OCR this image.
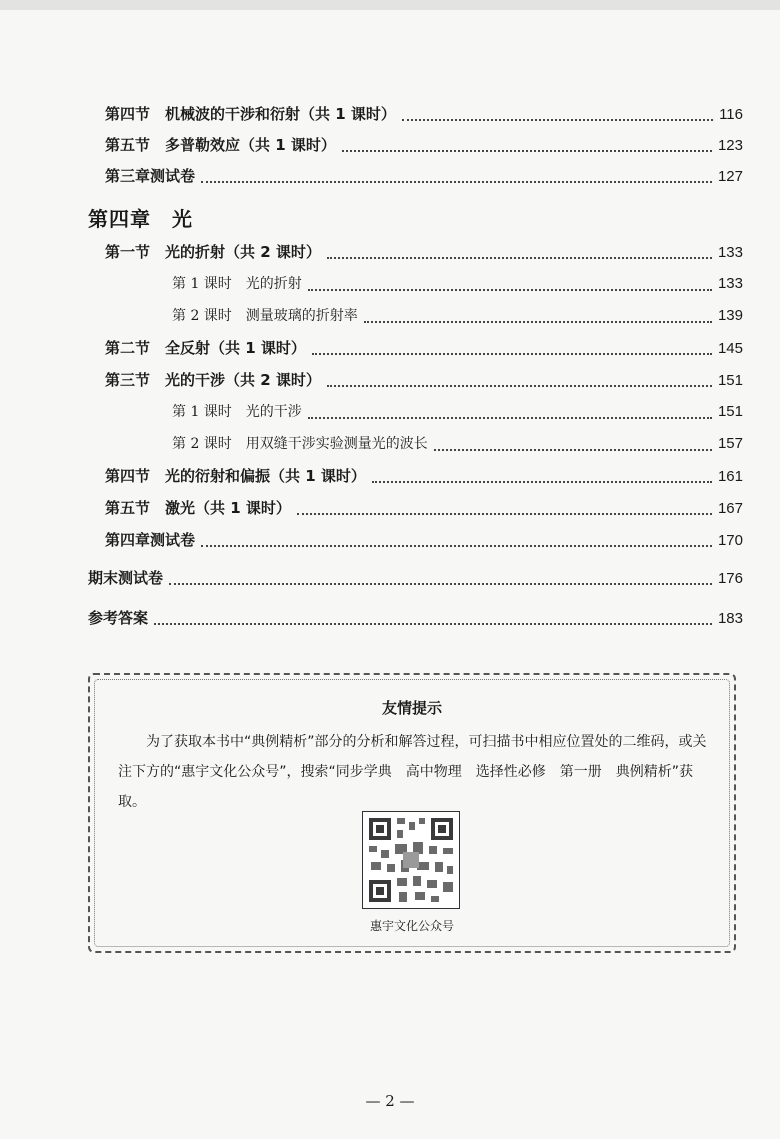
第四节　机械波的干涉和衍射（共 1 课时）	116
第五节　多普勒效应（共 1 课时）	123
第三章测试卷	127
第四章　光
第一节　光的折射（共 2 课时）	133
第 1 课时　光的折射	133
第 2 课时　测量玻璃的折射率	139
第二节　全反射（共 1 课时）	145
第三节　光的干涉（共 2 课时）	151
第 1 课时　光的干涉	151
第 2 课时　用双缝干涉实验测量光的波长	157
第四节　光的衍射和偏振（共 1 课时）	161
第五节　激光（共 1 课时）	167
第四章测试卷	170
期末测试卷	176
参考答案	183
友情提示
为了获取本书中“典例精析”部分的分析和解答过程，可扫描书中相应位置处的二维码，或关注下方的“惠宇文化公众号”，搜索“同步学典　高中物理　选择性必修　第一册　典例精析”获取。
惠宇文化公众号
— 2 —
